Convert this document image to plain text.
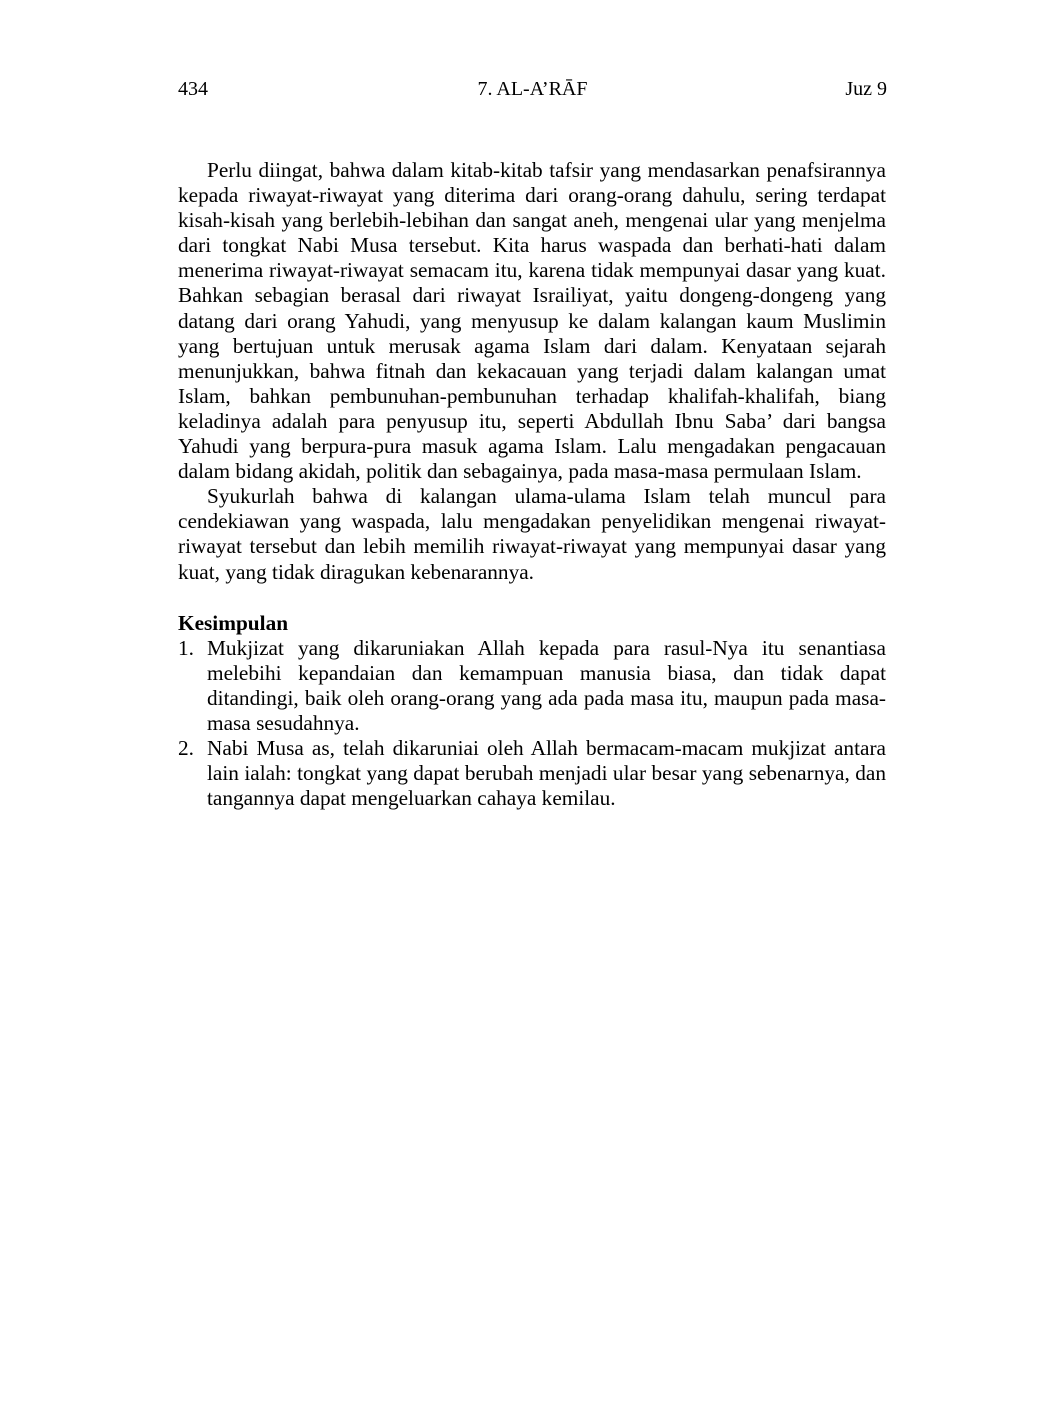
434	7. AL-A’RĀF	Juz 9

Perlu diingat, bahwa dalam kitab-kitab tafsir yang mendasarkan penafsirannya kepada riwayat-riwayat yang diterima dari orang-orang dahulu, sering terdapat kisah-kisah yang berlebih-lebihan dan sangat aneh, mengenai ular yang menjelma dari tongkat Nabi Musa tersebut. Kita harus waspada dan berhati-hati dalam menerima riwayat-riwayat semacam itu, karena tidak mempunyai dasar yang kuat. Bahkan sebagian berasal dari riwayat Israiliyat, yaitu dongeng-dongeng yang datang dari orang Yahudi, yang menyusup ke dalam kalangan kaum Muslimin yang bertujuan untuk merusak agama Islam dari dalam. Kenyataan sejarah menunjukkan, bahwa fitnah dan kekacauan yang terjadi dalam kalangan umat Islam, bahkan pembunuhan-pembunuhan terhadap khalifah-khalifah, biang keladinya adalah para penyusup itu, seperti Abdullah Ibnu Saba’ dari bangsa Yahudi yang berpura-pura masuk agama Islam. Lalu mengadakan pengacauan dalam bidang akidah, politik dan sebagainya, pada masa-masa permulaan Islam.

Syukurlah bahwa di kalangan ulama-ulama Islam telah muncul para cendekiawan yang waspada, lalu mengadakan penyelidikan mengenai riwayat-riwayat tersebut dan lebih memilih riwayat-riwayat yang mempunyai dasar yang kuat, yang tidak diragukan kebenarannya.

Kesimpulan
1. Mukjizat yang dikaruniakan Allah kepada para rasul-Nya itu senantiasa melebihi kepandaian dan kemampuan manusia biasa, dan tidak dapat ditandingi, baik oleh orang-orang yang ada pada masa itu, maupun pada masa-masa sesudahnya.
2. Nabi Musa as, telah dikaruniai oleh Allah bermacam-macam mukjizat antara lain ialah: tongkat yang dapat berubah menjadi ular besar yang sebenarnya, dan tangannya dapat mengeluarkan cahaya kemilau.
